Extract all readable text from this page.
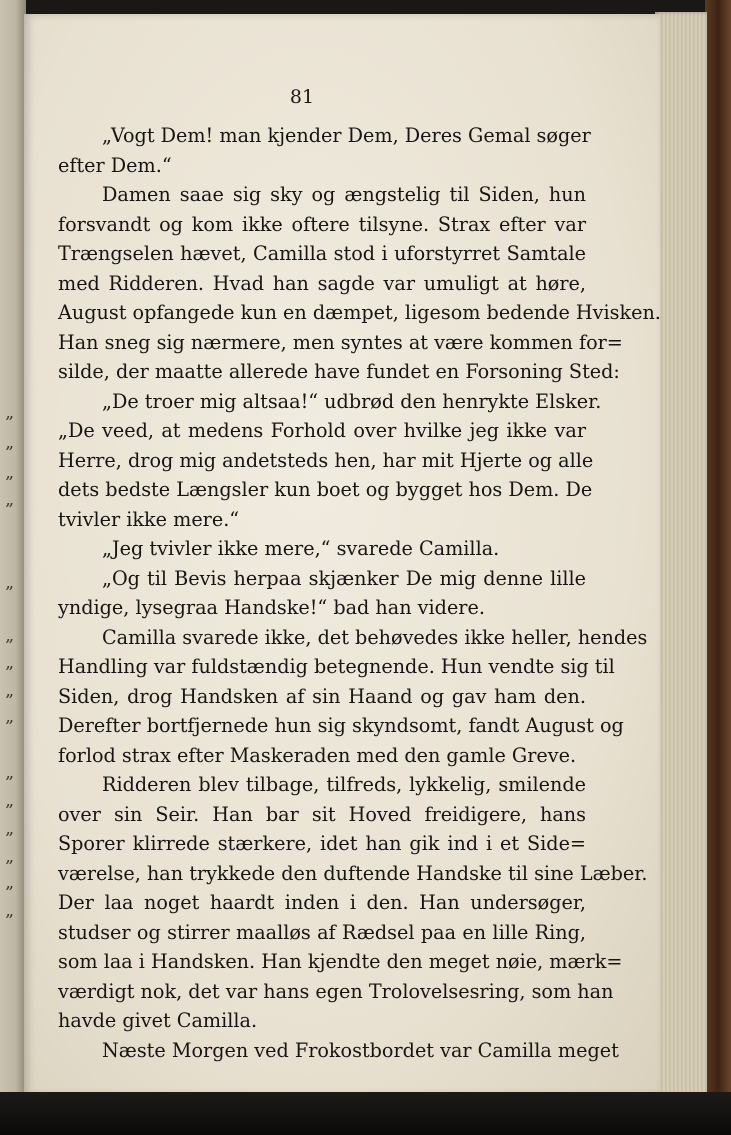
„
„
„
„
„
„
„
„
„
„
„
„
„
„
„
81
„Vogt Dem! man kjender Dem, Deres Gemal søger
efter Dem.“
Damen saae sig sky og ængstelig til Siden, hun
forsvandt og kom ikke oftere tilsyne. Strax efter var
Trængselen hævet, Camilla stod i uforstyrret Samtale
med Ridderen. Hvad han sagde var umuligt at høre,
August opfangede kun en dæmpet, ligesom bedende Hvisken.
Han sneg sig nærmere, men syntes at være kommen for=
silde, der maatte allerede have fundet en Forsoning Sted:
„De troer mig altsaa!“ udbrød den henrykte Elsker.
„De veed, at medens Forhold over hvilke jeg ikke var
Herre, drog mig andetsteds hen, har mit Hjerte og alle
dets bedste Længsler kun boet og bygget hos Dem. De
tvivler ikke mere.“
„Jeg tvivler ikke mere,“ svarede Camilla.
„Og til Bevis herpaa skjænker De mig denne lille
yndige, lysegraa Handske!“ bad han videre.
Camilla svarede ikke, det behøvedes ikke heller, hendes
Handling var fuldstændig betegnende. Hun vendte sig til
Siden, drog Handsken af sin Haand og gav ham den.
Derefter bortfjernede hun sig skyndsomt, fandt August og
forlod strax efter Maskeraden med den gamle Greve.
Ridderen blev tilbage, tilfreds, lykkelig, smilende
over sin Seir. Han bar sit Hoved freidigere, hans
Sporer klirrede stærkere, idet han gik ind i et Side=
værelse, han trykkede den duftende Handske til sine Læber.
Der laa noget haardt inden i den. Han undersøger,
studser og stirrer maalløs af Rædsel paa en lille Ring,
som laa i Handsken. Han kjendte den meget nøie, mærk=
værdigt nok, det var hans egen Trolovelsesring, som han
havde givet Camilla.
Næste Morgen ved Frokostbordet var Camilla meget
